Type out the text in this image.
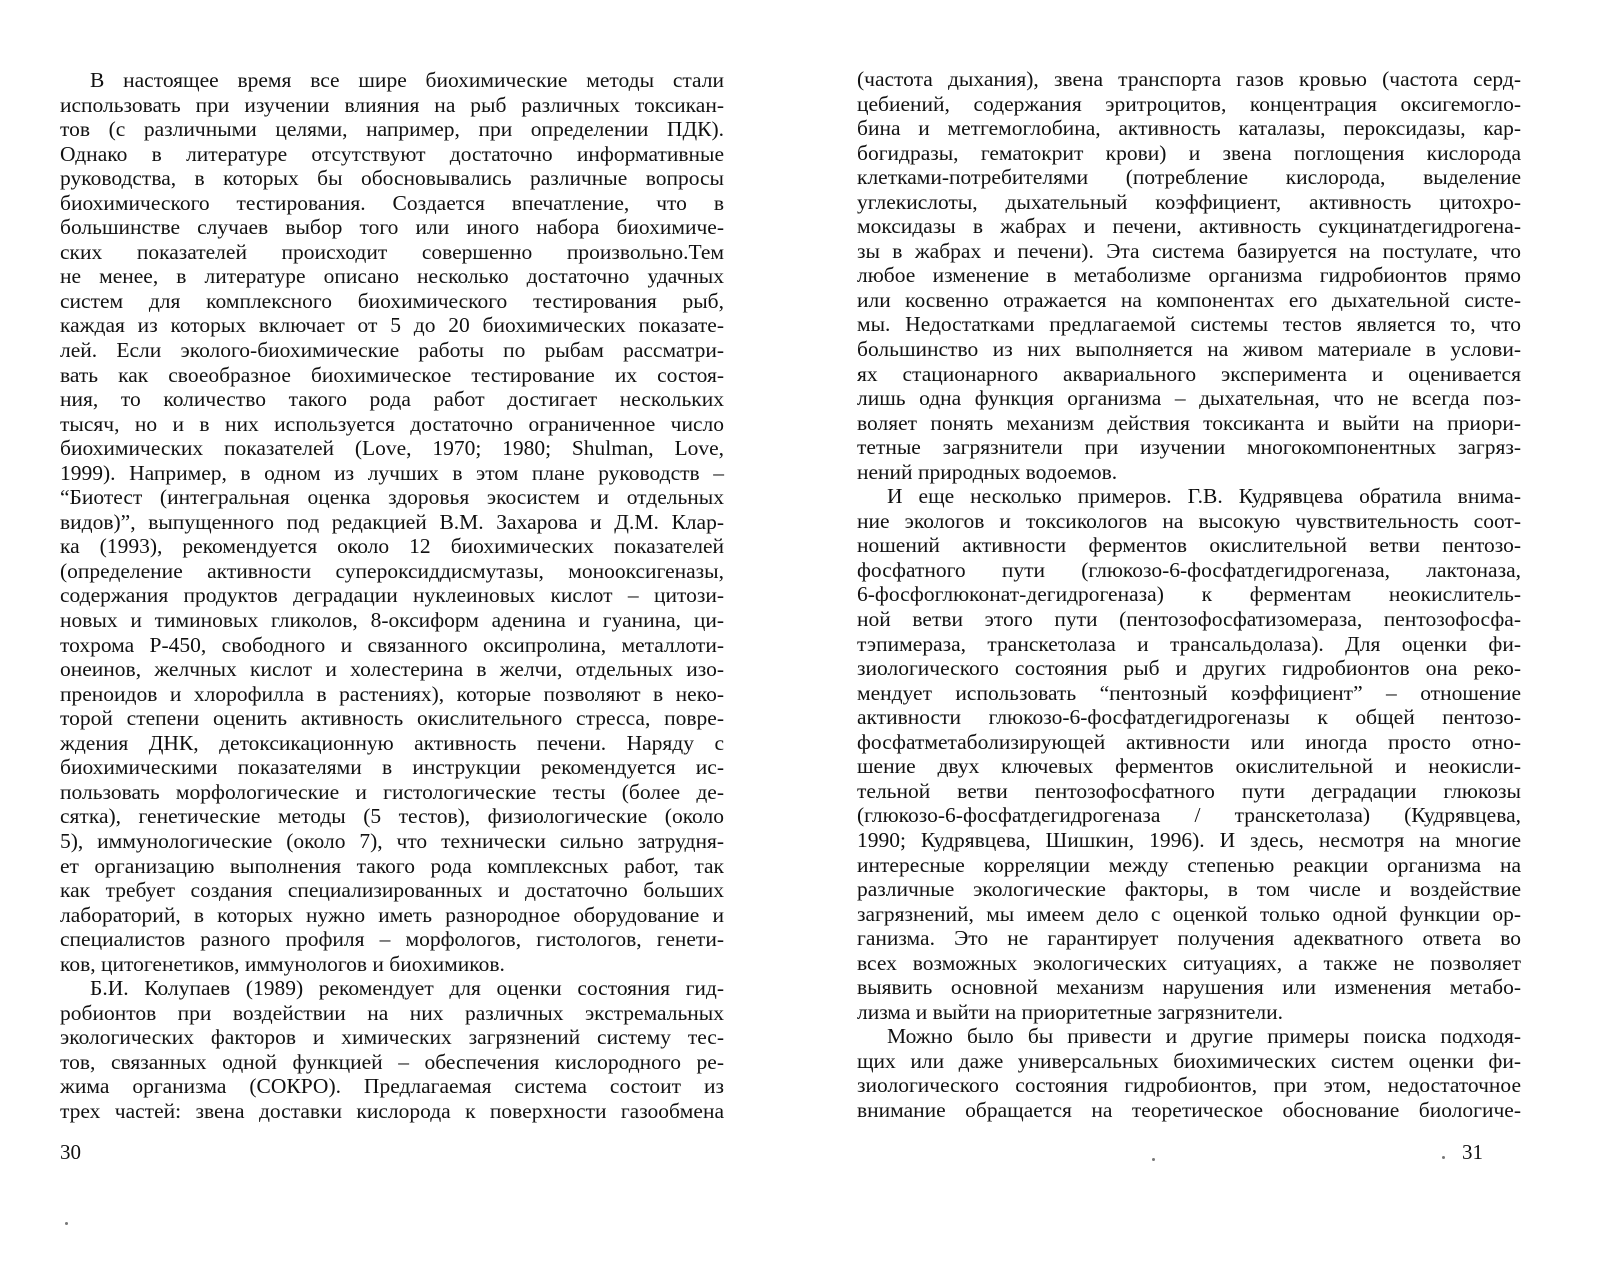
В настоящее время все шире биохимические методы стали
использовать при изучении влияния на рыб различных токсикан-
тов (с различными целями, например, при определении ПДК).
Однако в литературе отсутствуют достаточно информативные
руководства, в которых бы обосновывались различные вопросы
биохимического тестирования. Создается впечатление, что в
большинстве случаев выбор того или иного набора биохимиче-
ских показателей происходит совершенно произвольно.Тем
не менее, в литературе описано несколько достаточно удачных
систем для комплексного биохимического тестирования рыб,
каждая из которых включает от 5 до 20 биохимических показате-
лей. Если эколого-биохимические работы по рыбам рассматри-
вать как своеобразное биохимическое тестирование их состоя-
ния, то количество такого рода работ достигает нескольких
тысяч, но и в них используется достаточно ограниченное число
биохимических показателей (Love, 1970; 1980; Shulman, Love,
1999). Например, в одном из лучших в этом плане руководств –
“Биотест (интегральная оценка здоровья экосистем и отдельных
видов)”, выпущенного под редакцией В.М. Захарова и Д.М. Клар-
ка (1993), рекомендуется около 12 биохимических показателей
(определение активности супероксиддисмутазы, монооксигеназы,
содержания продуктов деградации нуклеиновых кислот – цитози-
новых и тиминовых гликолов, 8-оксиформ аденина и гуанина, ци-
тохрома P-450, свободного и связанного оксипролина, металлоти-
онеинов, желчных кислот и холестерина в желчи, отдельных изо-
преноидов и хлорофилла в растениях), которые позволяют в неко-
торой степени оценить активность окислительного стресса, повре-
ждения ДНК, детоксикационную активность печени. Наряду с
биохимическими показателями в инструкции рекомендуется ис-
пользовать морфологические и гистологические тесты (более де-
сятка), генетические методы (5 тестов), физиологические (около
5), иммунологические (около 7), что технически сильно затрудня-
ет организацию выполнения такого рода комплексных работ, так
как требует создания специализированных и достаточно больших
лабораторий, в которых нужно иметь разнородное оборудование и
специалистов разного профиля – морфологов, гистологов, генети-
ков, цитогенетиков, иммунологов и биохимиков.
Б.И. Колупаев (1989) рекомендует для оценки состояния гид-
робионтов при воздействии на них различных экстремальных
экологических факторов и химических загрязнений систему тес-
тов, связанных одной функцией – обеспечения кислородного ре-
жима организма (СОКРО). Предлагаемая система состоит из
трех частей: звена доставки кислорода к поверхности газообмена
30
(частота дыхания), звена транспорта газов кровью (частота серд-
цебиений, содержания эритроцитов, концентрация оксигемогло-
бина и метгемоглобина, активность каталазы, пероксидазы, кар-
богидразы, гематокрит крови) и звена поглощения кислорода
клетками-потребителями (потребление кислорода, выделение
углекислоты, дыхательный коэффициент, активность цитохро-
моксидазы в жабрах и печени, активность сукцинатдегидрогена-
зы в жабрах и печени). Эта система базируется на постулате, что
любое изменение в метаболизме организма гидробионтов прямо
или косвенно отражается на компонентах его дыхательной систе-
мы. Недостатками предлагаемой системы тестов является то, что
большинство из них выполняется на живом материале в услови-
ях стационарного аквариального эксперимента и оценивается
лишь одна функция организма – дыхательная, что не всегда поз-
воляет понять механизм действия токсиканта и выйти на приори-
тетные загрязнители при изучении многокомпонентных загряз-
нений природных водоемов.
И еще несколько примеров. Г.В. Кудрявцева обратила внима-
ние экологов и токсикологов на высокую чувствительность соот-
ношений активности ферментов окислительной ветви пентозо-
фосфатного пути (глюкозо-6-фосфатдегидрогеназа, лактоназа,
6-фосфоглюконат-дегидрогеназа) к ферментам неокислитель-
ной ветви этого пути (пентозофосфатизомераза, пентозофосфа-
тэпимераза, транскетолаза и трансальдолаза). Для оценки фи-
зиологического состояния рыб и других гидробионтов она реко-
мендует использовать “пентозный коэффициент” – отношение
активности глюкозо-6-фосфатдегидрогеназы к общей пентозо-
фосфатметаболизирующей активности или иногда просто отно-
шение двух ключевых ферментов окислительной и неокисли-
тельной ветви пентозофосфатного пути деградации глюкозы
(глюкозо-6-фосфатдегидрогеназа / транскетолаза) (Кудрявцева,
1990; Кудрявцева, Шишкин, 1996). И здесь, несмотря на многие
интересные корреляции между степенью реакции организма на
различные экологические факторы, в том числе и воздействие
загрязнений, мы имеем дело с оценкой только одной функции ор-
ганизма. Это не гарантирует получения адекватного ответа во
всех возможных экологических ситуациях, а также не позволяет
выявить основной механизм нарушения или изменения метабо-
лизма и выйти на приоритетные загрязнители.
Можно было бы привести и другие примеры поиска подходя-
щих или даже универсальных биохимических систем оценки фи-
зиологического состояния гидробионтов, при этом, недостаточное
внимание обращается на теоретическое обоснование биологиче-
31
